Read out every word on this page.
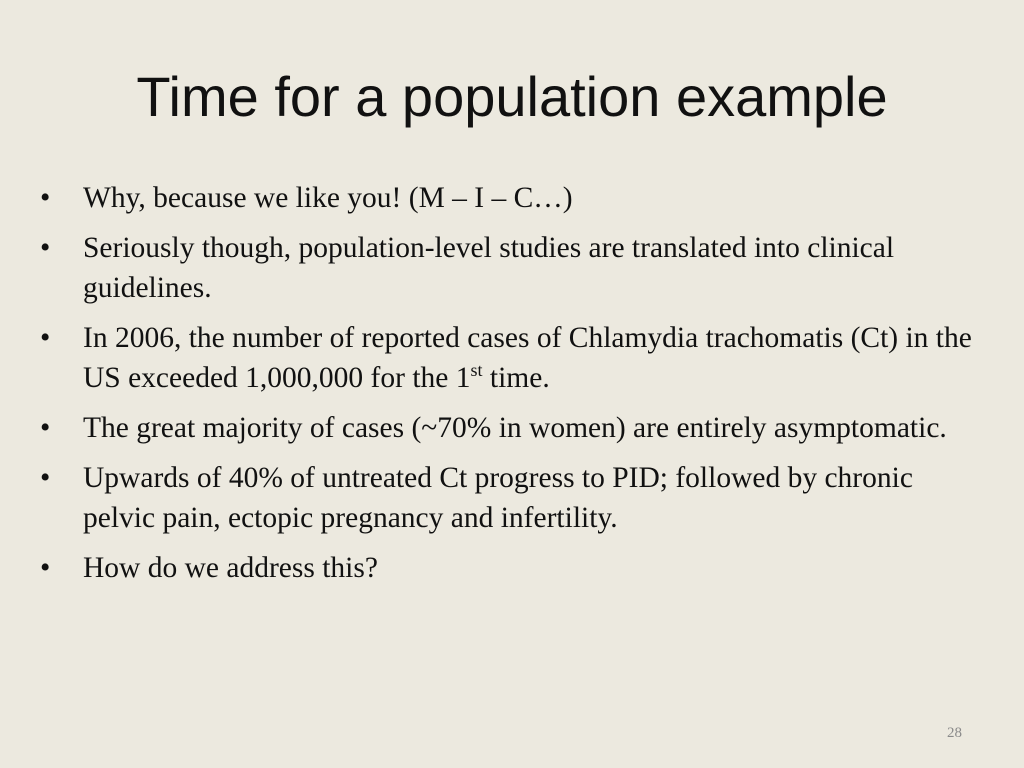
Time for a population example
•	Why, because we like you! (M – I – C…)
•	Seriously though, population-level studies are translated into clinical guidelines.
•	In 2006, the number of reported cases of Chlamydia trachomatis (Ct) in the US exceeded 1,000,000 for the 1st time.
•	The great majority of cases (~70% in women) are entirely asymptomatic.
•	Upwards of 40% of untreated Ct progress to PID; followed by chronic pelvic pain, ectopic pregnancy and infertility.
•	How do we address this?
28
